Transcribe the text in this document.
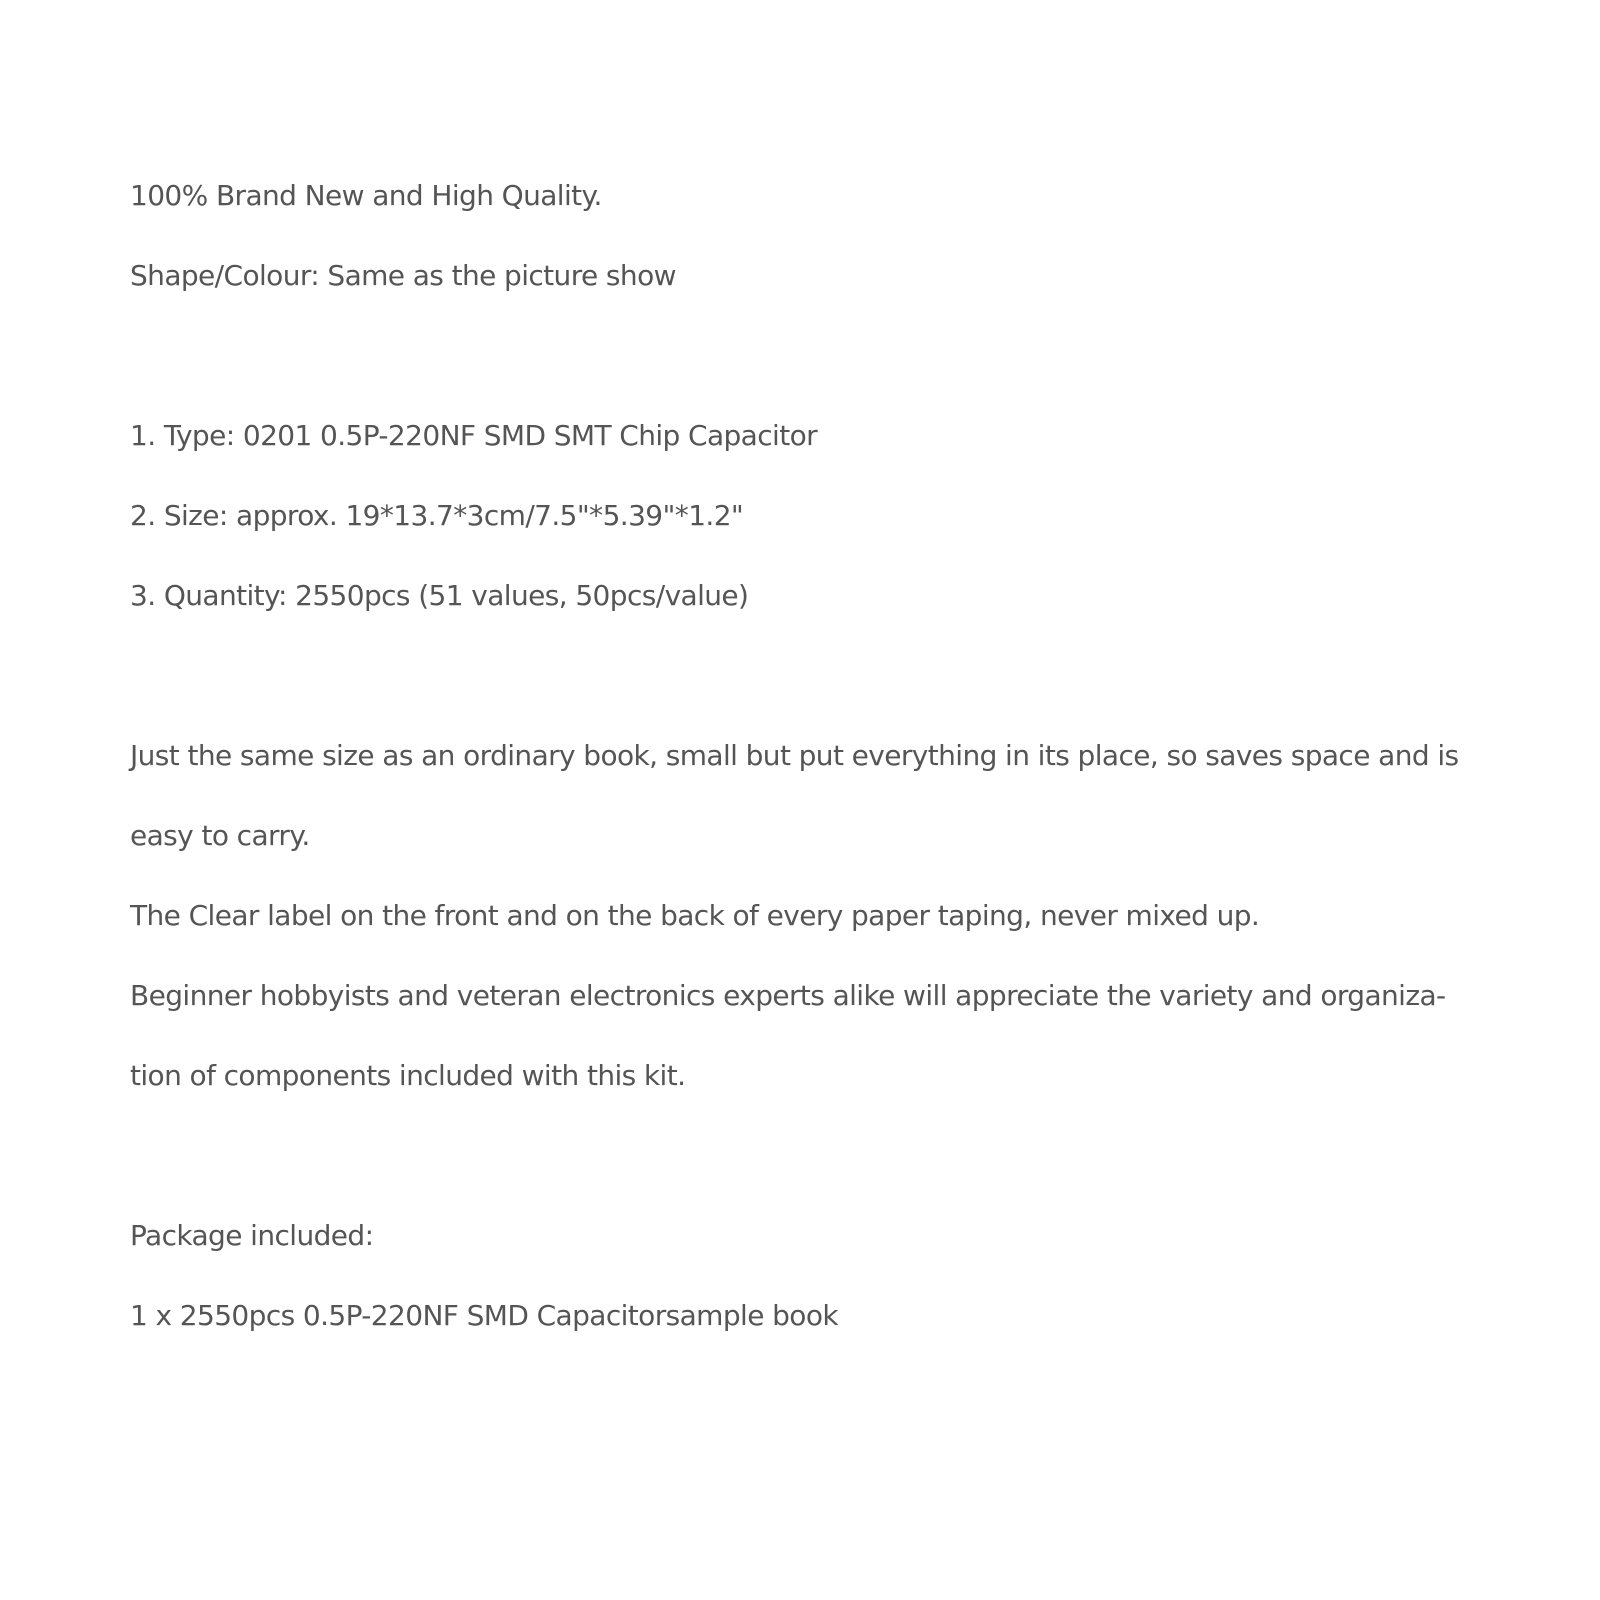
100% Brand New and High Quality.
Shape/Colour: Same as the picture show
1. Type: 0201 0.5P-220NF SMD SMT Chip Capacitor
2. Size: approx. 19*13.7*3cm/7.5"*5.39"*1.2"
3. Quantity: 2550pcs (51 values, 50pcs/value)
Just the same size as an ordinary book, small but put everything in its place, so saves space and is
easy to carry.
The Clear label on the front and on the back of every paper taping, never mixed up.
Beginner hobbyists and veteran electronics experts alike will appreciate the variety and organiza-
tion of components included with this kit.
Package included:
1 x 2550pcs 0.5P-220NF SMD Capacitorsample book
